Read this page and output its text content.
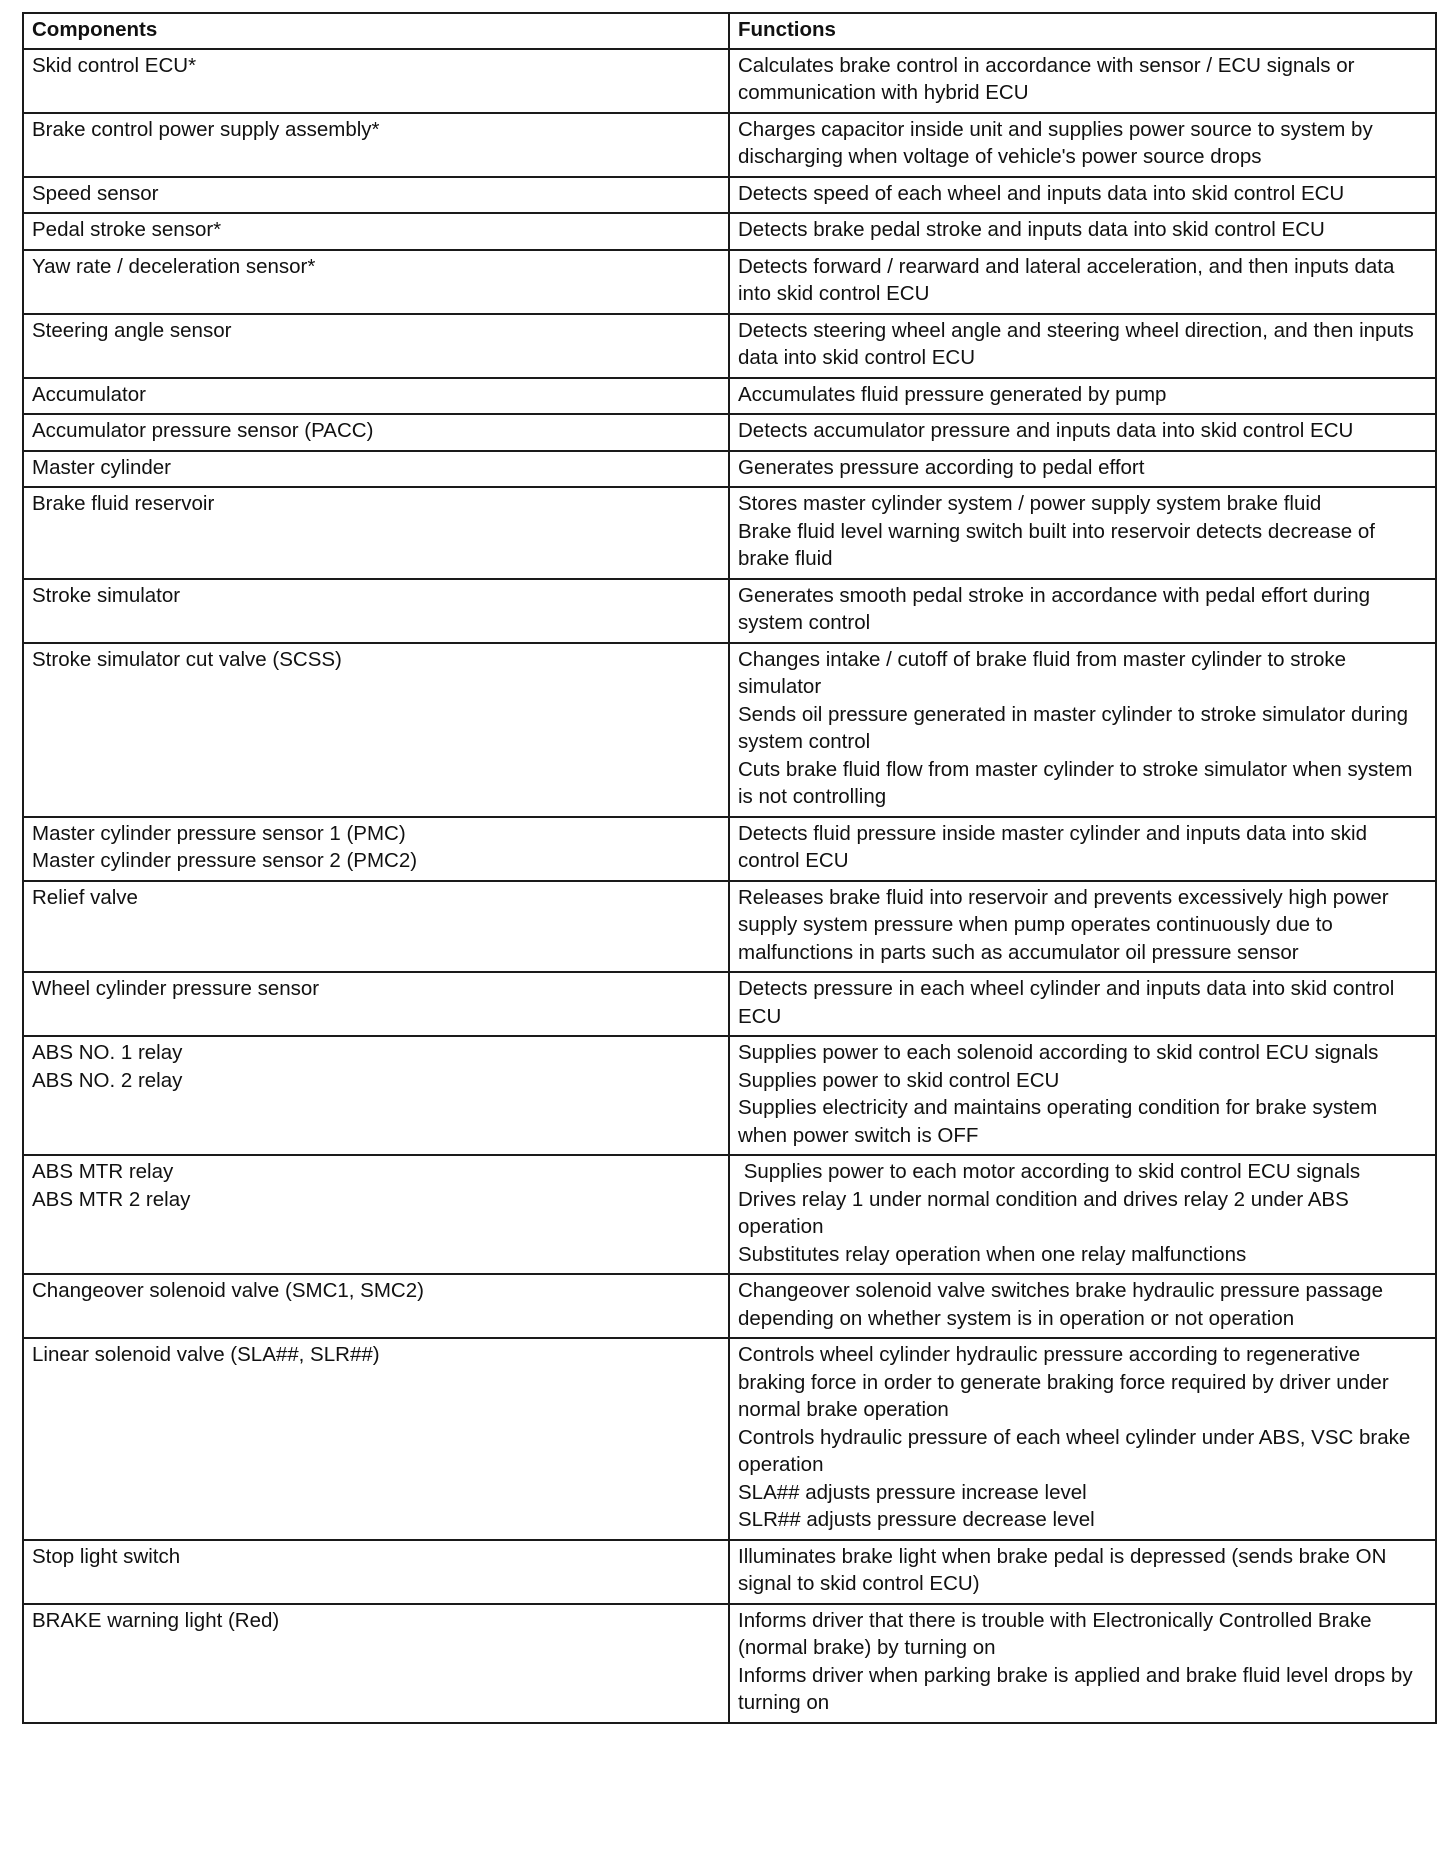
Components	Functions

Skid control ECU*	Calculates brake control in accordance with sensor / ECU signals or communication with hybrid ECU

Brake control power supply assembly*	Charges capacitor inside unit and supplies power source to system by discharging when voltage of vehicle's power source drops

Speed sensor	Detects speed of each wheel and inputs data into skid control ECU

Pedal stroke sensor*	Detects brake pedal stroke and inputs data into skid control ECU

Yaw rate / deceleration sensor*	Detects forward / rearward and lateral acceleration, and then inputs data into skid control ECU

Steering angle sensor	Detects steering wheel angle and steering wheel direction, and then inputs data into skid control ECU

Accumulator	Accumulates fluid pressure generated by pump

Accumulator pressure sensor (PACC)	Detects accumulator pressure and inputs data into skid control ECU

Master cylinder	Generates pressure according to pedal effort

Brake fluid reservoir	Stores master cylinder system / power supply system brake fluid
Brake fluid level warning switch built into reservoir detects decrease of brake fluid

Stroke simulator	Generates smooth pedal stroke in accordance with pedal effort during system control

Stroke simulator cut valve (SCSS)	Changes intake / cutoff of brake fluid from master cylinder to stroke simulator
Sends oil pressure generated in master cylinder to stroke simulator during system control
Cuts brake fluid flow from master cylinder to stroke simulator when system is not controlling

Master cylinder pressure sensor 1 (PMC)
Master cylinder pressure sensor 2 (PMC2)	Detects fluid pressure inside master cylinder and inputs data into skid control ECU

Relief valve	Releases brake fluid into reservoir and prevents excessively high power supply system pressure when pump operates continuously due to malfunctions in parts such as accumulator oil pressure sensor

Wheel cylinder pressure sensor	Detects pressure in each wheel cylinder and inputs data into skid control ECU

ABS NO. 1 relay
ABS NO. 2 relay	Supplies power to each solenoid according to skid control ECU signals
Supplies power to skid control ECU
Supplies electricity and maintains operating condition for brake system when power switch is OFF

ABS MTR relay
ABS MTR 2 relay	Supplies power to each motor according to skid control ECU signals
Drives relay 1 under normal condition and drives relay 2 under ABS operation
Substitutes relay operation when one relay malfunctions

Changeover solenoid valve (SMC1, SMC2)	Changeover solenoid valve switches brake hydraulic pressure passage depending on whether system is in operation or not operation

Linear solenoid valve (SLA##, SLR##)	Controls wheel cylinder hydraulic pressure according to regenerative braking force in order to generate braking force required by driver under normal brake operation
Controls hydraulic pressure of each wheel cylinder under ABS, VSC brake operation
SLA## adjusts pressure increase level
SLR## adjusts pressure decrease level

Stop light switch	Illuminates brake light when brake pedal is depressed (sends brake ON signal to skid control ECU)

BRAKE warning light (Red)	Informs driver that there is trouble with Electronically Controlled Brake (normal brake) by turning on
Informs driver when parking brake is applied and brake fluid level drops by turning on
